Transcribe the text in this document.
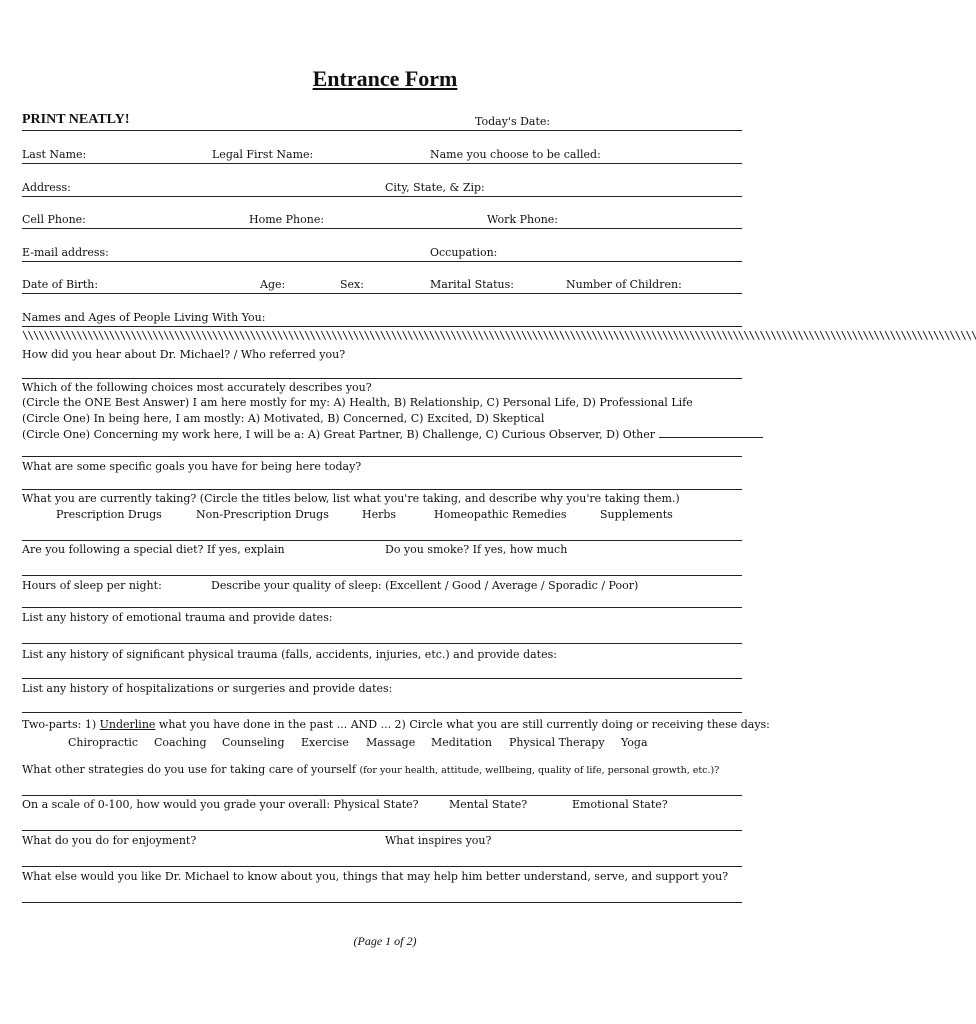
Entrance Form
PRINT NEATLY!	Today's Date:
Last Name:	Legal First Name:	Name you choose to be called:
Address:	City, State, & Zip:
Cell Phone:	Home Phone:	Work Phone:
E-mail address:	Occupation:
Date of Birth:	Age:	Sex:	Marital Status:	Number of Children:
Names and Ages of People Living With You:
\\\\\\\\\\\\\\\\\\\\\\\\\\\\\\\\\\\\\\\\\\\\\\\\\\\\\\\\\\\\\\\\\\\\\\\\\\\\\\\\\\\\\\\\\\\\\\\\\\\\\\\\\\\\\\\\\\\\\\\\\\\\\\\\\\\\\\\\\\\\\\\\\\\\\\\\\\\\\\\\\\\\\\\\\\\\\\\\
How did you hear about Dr. Michael? / Who referred you?
Which of the following choices most accurately describes you?
(Circle the ONE Best Answer) I am here mostly for my: A) Health, B) Relationship, C) Personal Life, D) Professional Life
(Circle One) In being here, I am mostly: A) Motivated, B) Concerned, C) Excited, D) Skeptical
(Circle One) Concerning my work here, I will be a: A) Great Partner, B) Challenge, C) Curious Observer, D) Other
What are some specific goals you have for being here today?
What you are currently taking? (Circle the titles below, list what you're taking, and describe why you're taking them.)
Prescription Drugs	Non-Prescription Drugs	Herbs	Homeopathic Remedies	Supplements
Are you following a special diet? If yes, explain	Do you smoke? If yes, how much
Hours of sleep per night:	Describe your quality of sleep: (Excellent / Good / Average / Sporadic / Poor)
List any history of emotional trauma and provide dates:
List any history of significant physical trauma (falls, accidents, injuries, etc.) and provide dates:
List any history of hospitalizations or surgeries and provide dates:
Two-parts: 1) Underline what you have done in the past ... AND ... 2) Circle what you are still currently doing or receiving these days:
Chiropractic Coaching Counseling Exercise Massage Meditation Physical Therapy Yoga
What other strategies do you use for taking care of yourself (for your health, attitude, wellbeing, quality of life, personal growth, etc.)?
On a scale of 0-100, how would you grade your overall: Physical State?	Mental State?	Emotional State?
What do you do for enjoyment?	What inspires you?
What else would you like Dr. Michael to know about you, things that may help him better understand, serve, and support you?
(Page 1 of 2)
